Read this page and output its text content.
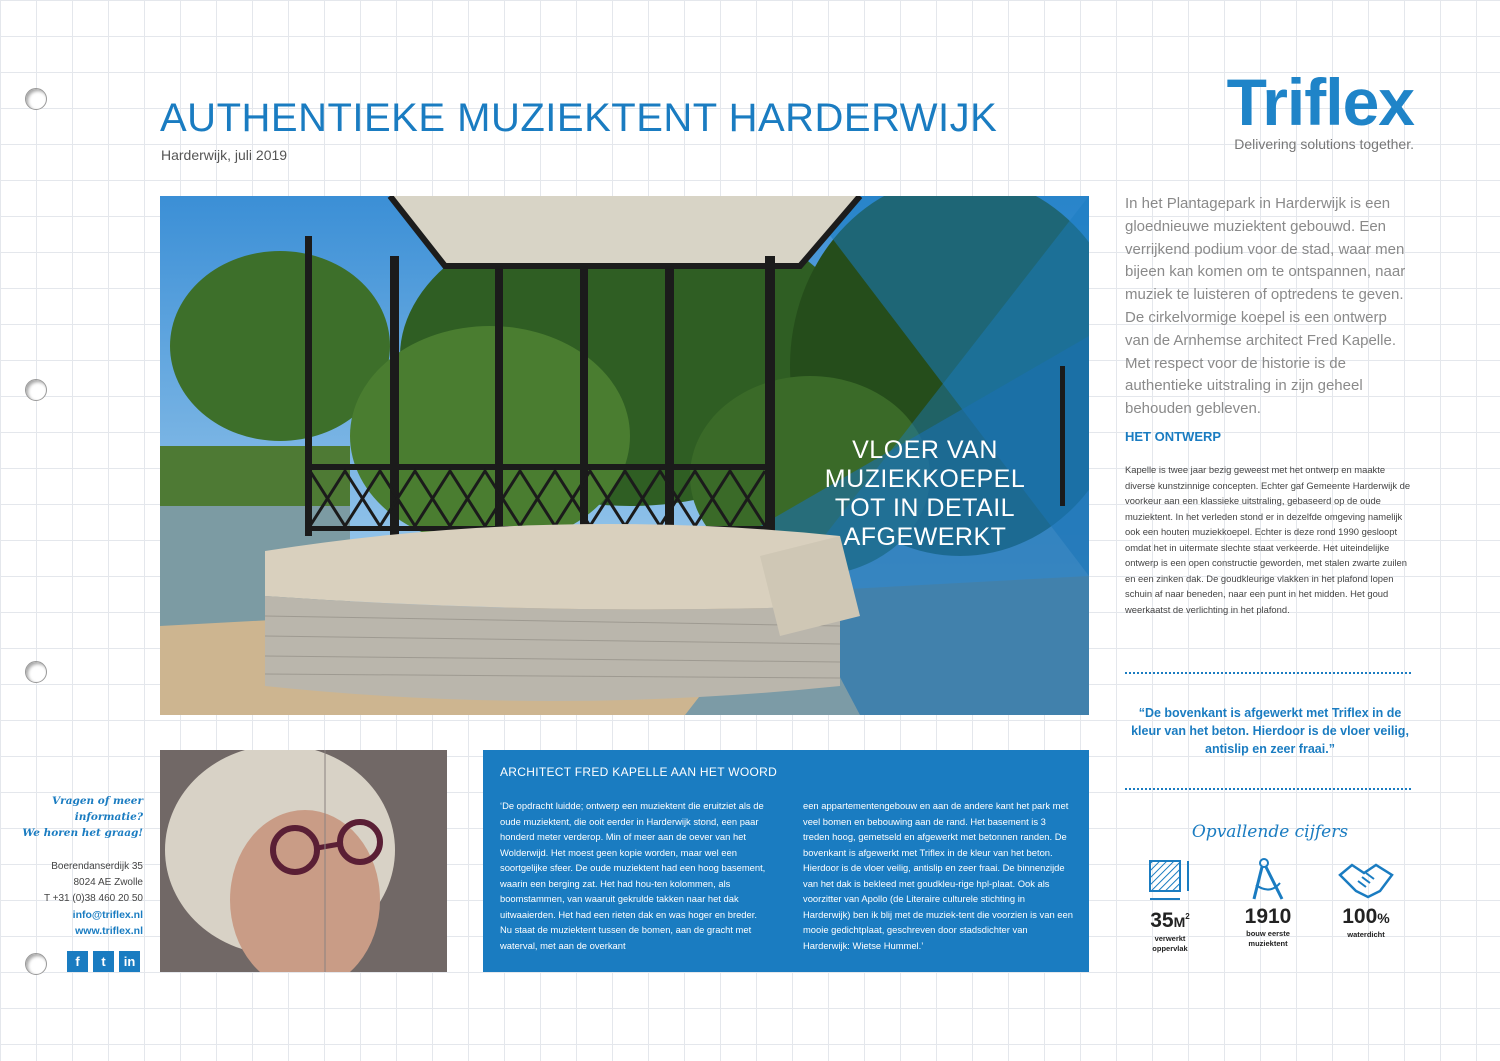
AUTHENTIEKE MUZIEKTENT HARDERWIJK
Harderwijk, juli 2019
Triflex
Delivering solutions together.
VLOER VAN MUZIEKKOEPEL TOT IN DETAIL AFGEWERKT
In het Plantagepark in Harderwijk is een gloednieuwe muziektent gebouwd. Een verrijkend podium voor de stad, waar men bijeen kan komen om te ontspannen, naar muziek te luisteren of optredens te geven. De cirkelvormige koepel is een ontwerp van de Arnhemse architect Fred Kapelle. Met respect voor de historie is de authentieke uitstraling in zijn geheel behouden gebleven.
HET ONTWERP
Kapelle is twee jaar bezig geweest met het ontwerp en maakte diverse kunstzinnige concepten. Echter gaf Gemeente Harderwijk de voorkeur aan een klassieke uitstraling, gebaseerd op de oude muziektent. In het verleden stond er in dezelfde omgeving namelijk ook een houten muziekkoepel. Echter is deze rond 1990 gesloopt omdat het in uitermate slechte staat verkeerde. Het uiteindelijke ontwerp is een open constructie geworden, met stalen zwarte zuilen en een zinken dak. De goudkleurige vlakken in het plafond lopen schuin af naar beneden, naar een punt in het midden. Het goud weerkaatst de verlichting in het plafond.
“De bovenkant is afgewerkt met Triflex in de kleur van het beton. Hierdoor is de vloer veilig, antislip en zeer fraai.”
Opvallende cijfers
$35M^2$
verwerkt
oppervlak
1910
bouw eerste
muziektent
100%
waterdicht
ARCHITECT FRED KAPELLE AAN HET WOORD
‘De opdracht luidde; ontwerp een muziektent die eruitziet als de oude muziektent, die ooit eerder in Harderwijk stond, een paar honderd meter verderop. Min of meer aan de oever van het Wolderwijd. Het moest geen kopie worden, maar wel een soortgelijke sfeer. De oude muziektent had een hoog basement, waarin een berging zat. Het had hou-ten kolommen, als boomstammen, van waaruit gekrulde takken naar het dak uitwaaierden. Het had een rieten dak en was hoger en breder. Nu staat de muziektent tussen de bomen, aan de gracht met waterval, met aan de overkant
een appartementengebouw en aan de andere kant het park met veel bomen en bebouwing aan de rand. Het basement is 3 treden hoog, gemetseld en afgewerkt met betonnen randen. De bovenkant is afgewerkt met Triflex in de kleur van het beton. Hierdoor is de vloer veilig, antislip en zeer fraai. De binnenzijde van het dak is bekleed met goudkleu-rige hpl-plaat. Ook als voorzitter van Apollo (de Literaire culturele stichting in Harderwijk) ben ik blij met de muziek-tent die voorzien is van een mooie gedichtplaat, geschreven door stadsdichter van Harderwijk: Wietse Hummel.’
Vragen of meer
informatie?
We horen het graag!
Boerendanserdijk 35
8024 AE Zwolle
T +31 (0)38 460 20 50
info@triflex.nl
www.triflex.nl
f	t	in
